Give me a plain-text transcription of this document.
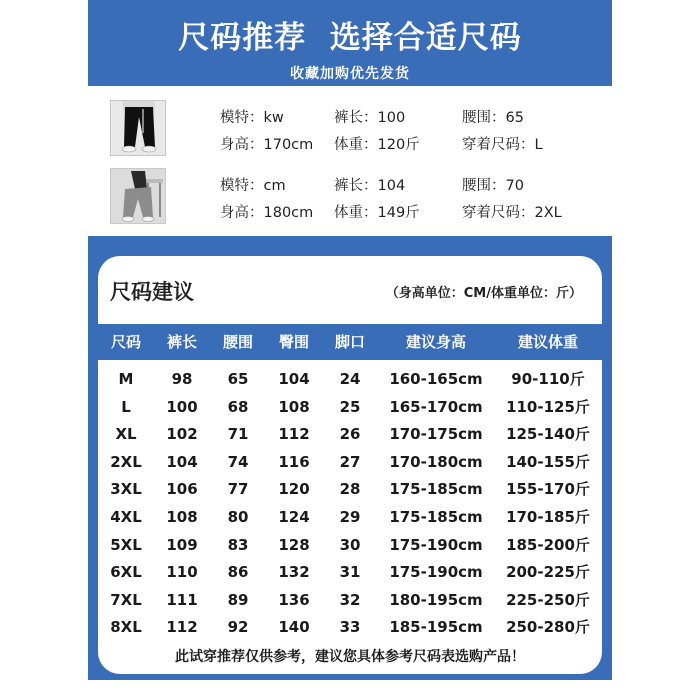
尺码推荐  选择合适尺码
收藏加购优先发货
模特：kw	裤长：100	腰围：65
身高：170cm 体重：120斤	穿着尺码：L
模特：cm	裤长：104	腰围：70
身高：180cm 体重：149斤	穿着尺码：2XL
尺码建议	（身高单位：CM/体重单位：斤）
尺码	裤长	腰围	臀围	脚口	建议身高	建议体重
M	98	65	104	24	160-165cm	90-110斤
L	100	68	108	25	165-170cm	110-125斤
XL	102	71	112	26	170-175cm	125-140斤
2XL	104	74	116	27	170-180cm	140-155斤
3XL	106	77	120	28	175-185cm	155-170斤
4XL	108	80	124	29	175-185cm	170-185斤
5XL	109	83	128	30	175-190cm	185-200斤
6XL	110	86	132	31	175-190cm	200-225斤
7XL	111	89	136	32	180-195cm	225-250斤
8XL	112	92	140	33	185-195cm	250-280斤
此试穿推荐仅供参考，建议您具体参考尺码表选购产品！
